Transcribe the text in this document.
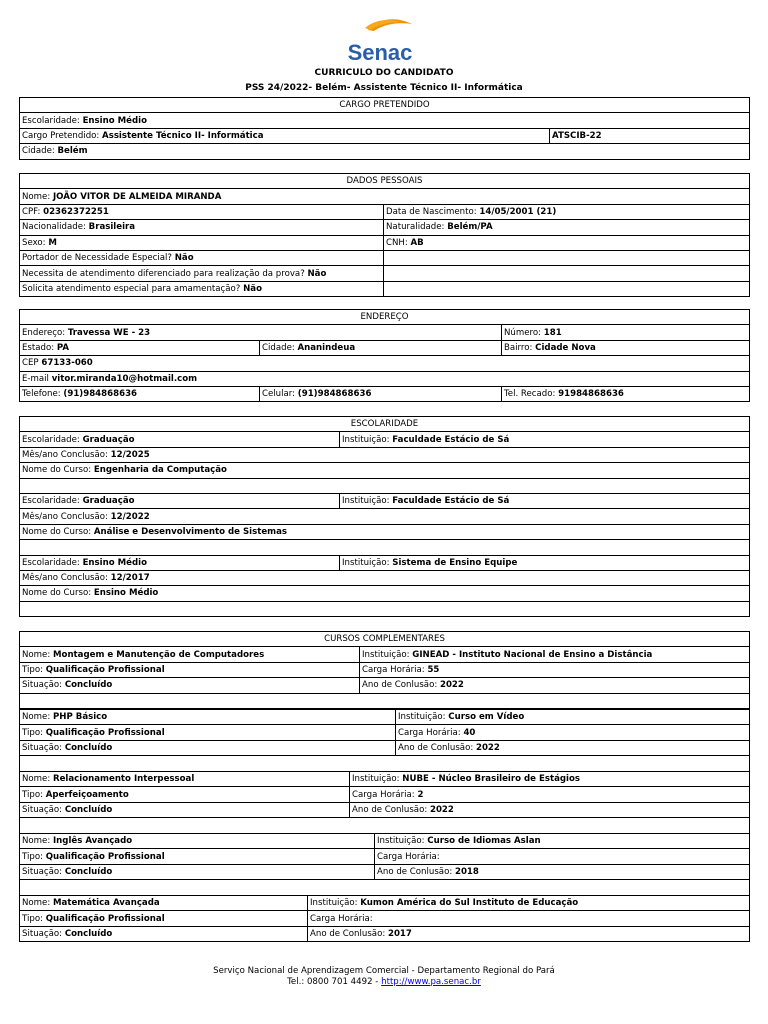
Senac
CURRICULO DO CANDIDATO
PSS 24/2022- Belém- Assistente Técnico II- Informática
CARGO PRETENDIDO
Escolaridade: Ensino Médio
Cargo Pretendido: Assistente Técnico II- Informática	ATSCIB-22
Cidade: Belém
DADOS PESSOAIS	
Nome: JOÃO VITOR DE ALMEIDA MIRANDA	
CPF: 02362372251	Data de Nascimento: 14/05/2001 (21)
Nacionalidade: Brasileira	Naturalidade: Belém/PA
Sexo: M	CNH: AB
Portador de Necessidade Especial? Não	
Necessita de atendimento diferenciado para realização da prova? Não	
Solicita atendimento especial para amamentação? Não	
ENDEREÇO		
Endereço: Travessa WE - 23		Número: 181
Estado: PA	Cidade: Ananindeua	Bairro: Cidade Nova
CEP 67133-060		
E-mail vitor.miranda10@hotmail.com		
Telefone: (91)984868636	Celular: (91)984868636	Tel. Recado: 91984868636
ESCOLARIDADE	
Escolaridade: Graduação	Instituição: Faculdade Estácio de Sá
Mês/ano Conclusão: 12/2025	
Nome do Curso: Engenharia da Computação	

Escolaridade: Graduação	Instituição: Faculdade Estácio de Sá
Mês/ano Conclusão: 12/2022	
Nome do Curso: Análise e Desenvolvimento de Sistemas	

Escolaridade: Ensino Médio	Instituição: Sistema de Ensino Equipe
Mês/ano Conclusão: 12/2017	
Nome do Curso: Ensino Médio	

CURSOS COMPLEMENTARES	
Nome: Montagem e Manutenção de Computadores	Instituição: GINEAD - Instituto Nacional de Ensino a Distância
Tipo: Qualificação Profissional	Carga Horária: 55
Situação: Concluído	Ano de Conlusão: 2022

Nome: PHP Básico	Instituição: Curso em Vídeo
Tipo: Qualificação Profissional	Carga Horária: 40
Situação: Concluído	Ano de Conlusão: 2022

Nome: Relacionamento Interpessoal	Instituição: NUBE - Núcleo Brasileiro de Estágios
Tipo: Aperfeiçoamento	Carga Horária: 2
Situação: Concluído	Ano de Conlusão: 2022

Nome: Inglês Avançado	Instituição: Curso de Idiomas Aslan
Tipo: Qualificação Profissional	Carga Horária:
Situação: Concluído	Ano de Conlusão: 2018

Nome: Matemática Avançada	Instituição: Kumon América do Sul Instituto de Educação
Tipo: Qualificação Profissional	Carga Horária:
Situação: Concluído	Ano de Conlusão: 2017
Serviço Nacional de Aprendizagem Comercial - Departamento Regional do Pará
Tel.: 0800 701 4492 - http://www.pa.senac.br
